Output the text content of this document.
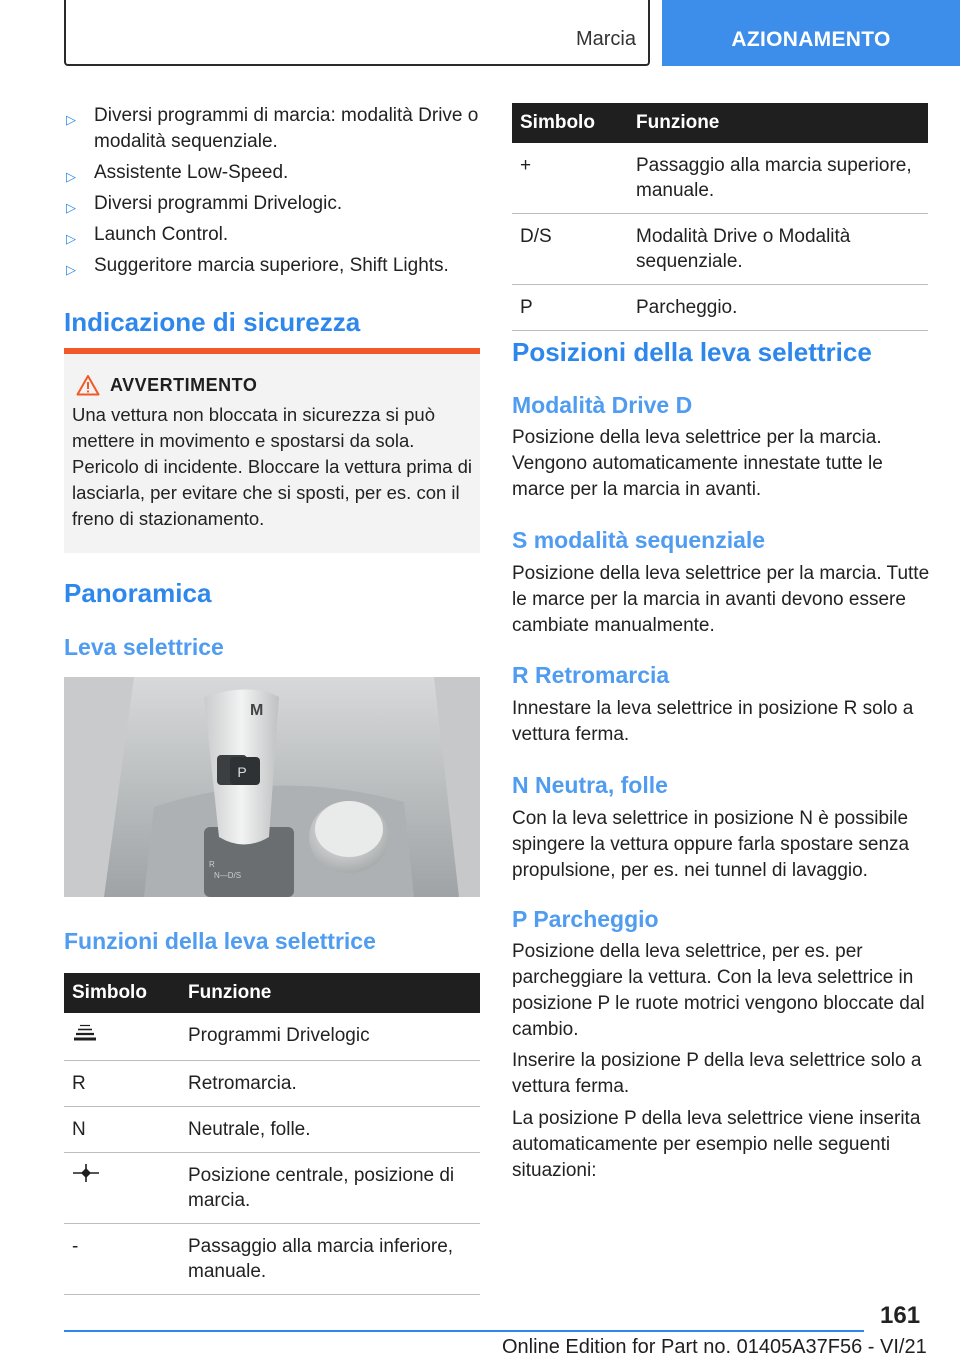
Marcia	AZIONAMENTO
▷ Diversi programmi di marcia: modalità Drive o modalità sequenziale.
▷ Assistente Low-Speed.
▷ Diversi programmi Drivelogic.
▷ Launch Control.
▷ Suggeritore marcia superiore, Shift Lights.
Indicazione di sicurezza
AVVERTIMENTO

Una vettura non bloccata in sicurezza si può mettere in movimento e spostarsi da sola. Pericolo di incidente. Bloccare la vettura prima di lasciarla, per evitare che si sposti, per es. con il freno di stazionamento.

Panoramica
Leva selettrice
P
M
R
N—D/S
Funzioni della leva selettrice
Simbolo	Funzione
	Programmi Drivelogic
R	Retromarcia.
N	Neutrale, folle.
	Posizione centrale, posizione di marcia.
-	Passaggio alla marcia inferiore, manuale.
Simbolo	Funzione
+	Passaggio alla marcia superiore, manuale.
D/S	Modalità Drive o Modalità sequenziale.
P	Parcheggio.
Posizioni della leva selettrice
Modalità Drive D

Posizione della leva selettrice per la marcia. Vengono automaticamente innestate tutte le marce per la marcia in avanti.

S modalità sequenziale

Posizione della leva selettrice per la marcia. Tutte le marce per la marcia in avanti devono essere cambiate manualmente.

R Retromarcia

Innestare la leva selettrice in posizione R solo a vettura ferma.

N Neutra, folle

Con la leva selettrice in posizione N è possibile spingere la vettura oppure farla spostare senza propulsione, per es. nei tunnel di lavaggio.

P Parcheggio

Posizione della leva selettrice, per es. per parcheggiare la vettura. Con la leva selettrice in posizione P le ruote motrici vengono bloccate dal cambio.

Inserire la posizione P della leva selettrice solo a vettura ferma.

La posizione P della leva selettrice viene inserita automaticamente per esempio nelle seguenti situazioni:

161
Online Edition for Part no. 01405A37F56 - VI/21
